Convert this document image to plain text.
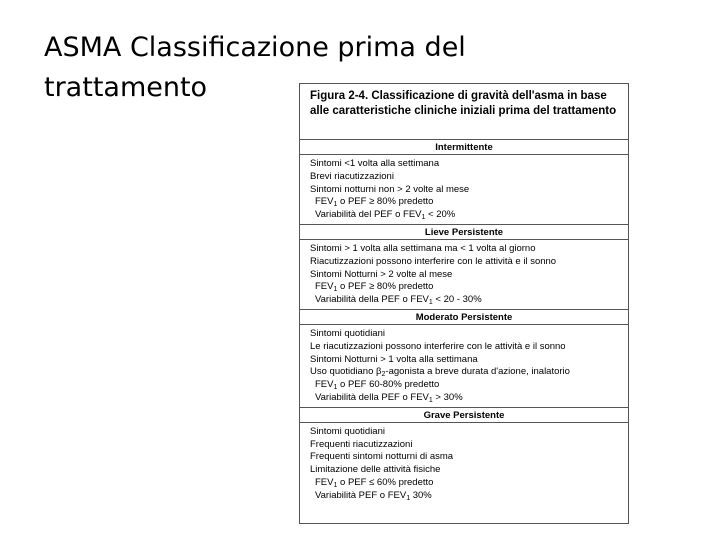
ASMA Classificazione prima del
trattamento	Figura 2-4. Classificazione di gravità dell'asma in base alle caratteristiche cliniche iniziali prima del trattamento
Intermittente

Sintomi <1 volta alla settimana
Brevi riacutizzazioni
Sintomi notturni non > 2 volte al mese
$FEV_1$ o PEF ≥ 80% predetto
Variabilità del PEF o $FEV_1 < 20\%$

Lieve Persistente

Sintomi > 1 volta alla settimana ma < 1 volta al giorno
Riacutizzazioni possono interferire con le attività e il sonno
Sintomi Notturni > 2 volte al mese
$FEV_1$ o PEF ≥ 80% predetto
Variabilità della PEF o $FEV_1 < 20 - 30\%$

Moderato Persistente

Sintomi quotidiani
Le riacutizzazioni possono interferire con le attività e il sonno
Sintomi Notturni > 1 volta alla settimana
Uso quotidiano $\beta_2$-agonista a breve durata d'azione, inalatorio
$FEV_1$ o PEF 60-80% predetto
Variabilità della PEF o $FEV_1 > 30\%$

Grave Persistente

Sintomi quotidiani
Frequenti riacutizzazioni
Frequenti sintomi notturni di asma
Limitazione delle attività fisiche
$FEV_1$ o PEF ≤ 60% predetto
Variabilità PEF o $FEV_1$ 30%
